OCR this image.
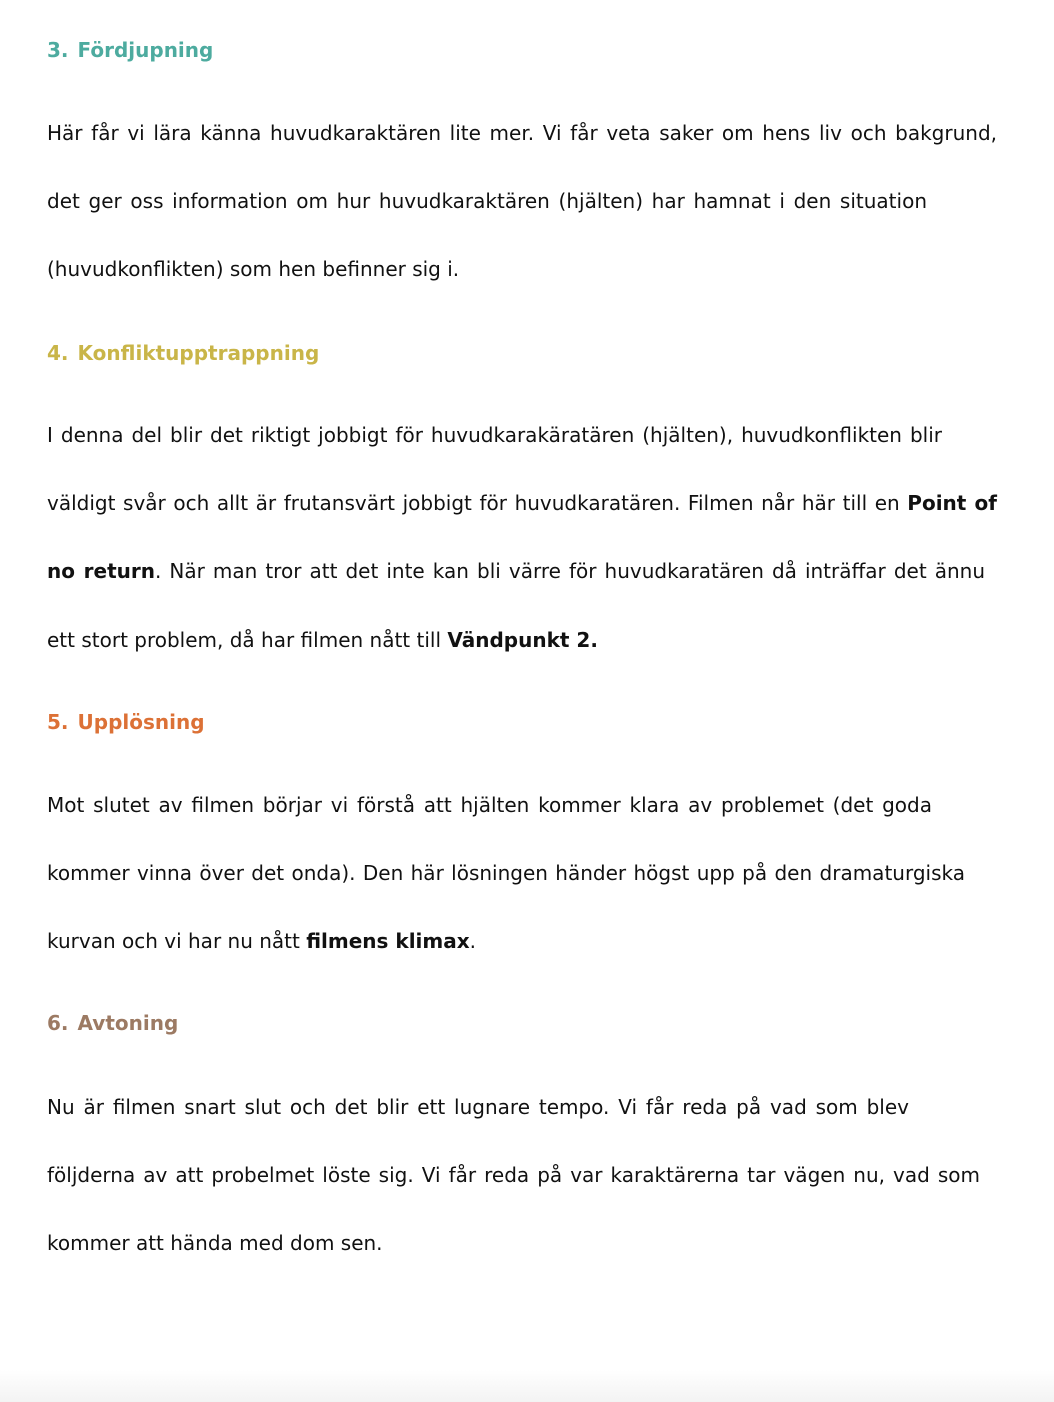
3. Fördjupning

Här får vi lära känna huvudkaraktären lite mer. Vi får veta saker om hens liv och bakgrund,

det ger oss information om hur huvudkaraktären (hjälten) har hamnat i den situation

(huvudkonflikten) som hen befinner sig i.

4. Konfliktupptrappning

I denna del blir det riktigt jobbigt för huvudkarakäratären (hjälten), huvudkonflikten blir

väldigt svår och allt är frutansvärt jobbigt för huvudkaratären. Filmen når här till en Point of

no return. När man tror att det inte kan bli värre för huvudkaratären då inträffar det ännu

ett stort problem, då har filmen nått till Vändpunkt 2.

5. Upplösning

Mot slutet av filmen börjar vi förstå att hjälten kommer klara av problemet (det goda

kommer vinna över det onda). Den här lösningen händer högst upp på den dramaturgiska

kurvan och vi har nu nått filmens klimax.

6. Avtoning

Nu är filmen snart slut och det blir ett lugnare tempo. Vi får reda på vad som blev

följderna av att probelmet löste sig. Vi får reda på var karaktärerna tar vägen nu, vad som

kommer att hända med dom sen.
